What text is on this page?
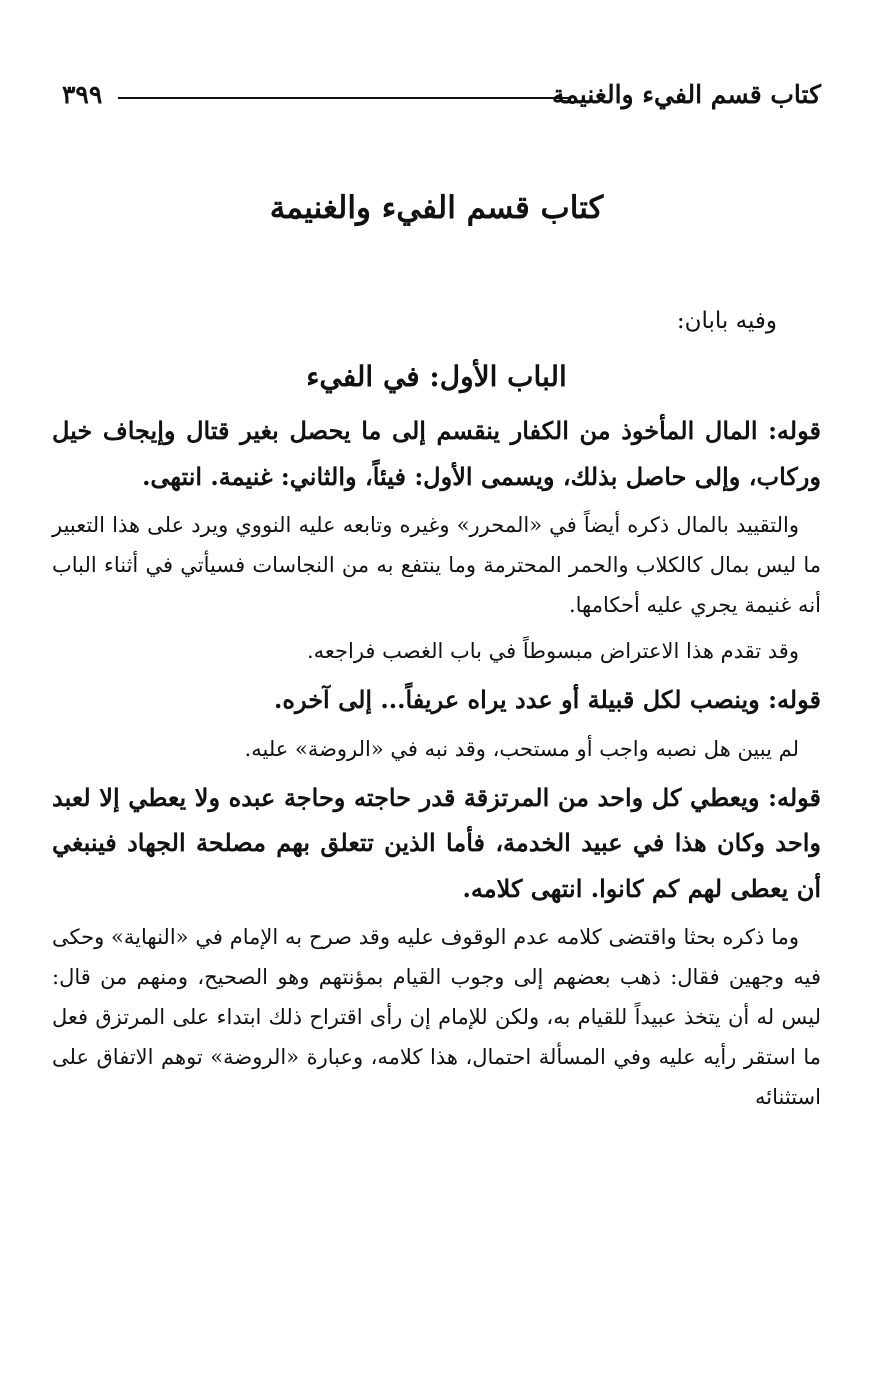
كتاب قسم الفيء والغنيمة
٣٩٩
كتاب قسم الفيء والغنيمة
وفيه بابان:
الباب الأول: في الفيء

قوله: المال المأخوذ من الكفار ينقسم إلى ما يحصل بغير قتال وإيجاف خيل وركاب، وإلى حاصل بذلك، ويسمى الأول: فيئاً، والثاني: غنيمة. انتهى.

والتقييد بالمال ذكره أيضاً في «المحرر» وغيره وتابعه عليه النووي ويرد على هذا التعبير ما ليس بمال كالكلاب والحمر المحترمة وما ينتفع به من النجاسات فسيأتي في أثناء الباب أنه غنيمة يجري عليه أحكامها.

وقد تقدم هذا الاعتراض مبسوطاً في باب الغصب فراجعه.

قوله: وينصب لكل قبيلة أو عدد يراه عريفاً... إلى آخره.

لم يبين هل نصبه واجب أو مستحب، وقد نبه في «الروضة» عليه.

قوله: ويعطي كل واحد من المرتزقة قدر حاجته وحاجة عبده ولا يعطي إلا لعبد واحد وكان هذا في عبيد الخدمة، فأما الذين تتعلق بهم مصلحة الجهاد فينبغي أن يعطى لهم كم كانوا. انتهى كلامه.

وما ذكره بحثا واقتضى كلامه عدم الوقوف عليه وقد صرح به الإمام في «النهاية» وحكى فيه وجهين فقال: ذهب بعضهم إلى وجوب القيام بمؤنتهم وهو الصحيح، ومنهم من قال: ليس له أن يتخذ عبيداً للقيام به، ولكن للإمام إن رأى اقتراح ذلك ابتداء على المرتزق فعل ما استقر رأيه عليه وفي المسألة احتمال، هذا كلامه، وعبارة «الروضة» توهم الاتفاق على استثنائه
